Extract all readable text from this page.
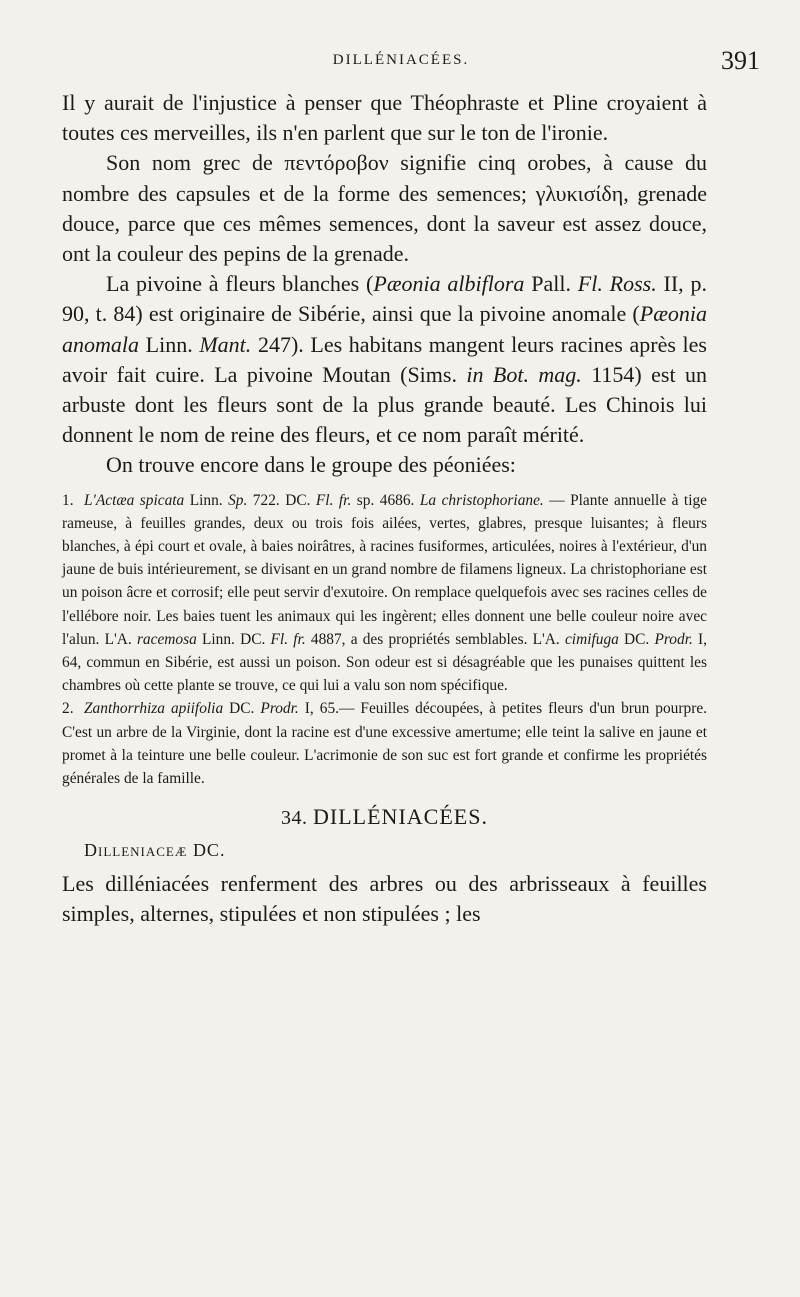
DILLÉNIACÉES.	391

Il y aurait de l'injustice à penser que Théophraste et Pline croyaient à toutes ces merveilles, ils n'en parlent que sur le ton de l'ironie.

Son nom grec de πεντόροβον signifie cinq orobes, à cause du nombre des capsules et de la forme des semences; γλυκισίδη, grenade douce, parce que ces mêmes semences, dont la saveur est assez douce, ont la couleur des pepins de la grenade.

La pivoine à fleurs blanches (Pæonia albiflora Pall. Fl. Ross. II, p. 90, t. 84) est originaire de Sibérie, ainsi que la pivoine anomale (Pæonia anomala Linn. Mant. 247). Les habitans mangent leurs racines après les avoir fait cuire. La pivoine Moutan (Sims. in Bot. mag. 1154) est un arbuste dont les fleurs sont de la plus grande beauté. Les Chinois lui donnent le nom de reine des fleurs, et ce nom paraît mérité.

On trouve encore dans le groupe des péoniées:

1. L'Actæa spicata Linn. Sp. 722. DC. Fl. fr. sp. 4686. La christophoriane. — Plante annuelle à tige rameuse, à feuilles grandes, deux ou trois fois ailées, vertes, glabres, presque luisantes; à fleurs blanches, à épi court et ovale, à baies noirâtres, à racines fusiformes, articulées, noires à l'extérieur, d'un jaune de buis intérieurement, se divisant en un grand nombre de filamens ligneux. La christophoriane est un poison âcre et corrosif; elle peut servir d'exutoire. On remplace quelquefois avec ses racines celles de l'ellébore noir. Les baies tuent les animaux qui les ingèrent; elles donnent une belle couleur noire avec l'alun. L'A. racemosa Linn. DC. Fl. fr. 4887, a des propriétés semblables. L'A. cimifuga DC. Prodr. I, 64, commun en Sibérie, est aussi un poison. Son odeur est si désagréable que les punaises quittent les chambres où cette plante se trouve, ce qui lui a valu son nom spécifique.

2. Zanthorrhiza apiifolia DC. Prodr. I, 65.— Feuilles découpées, à petites fleurs d'un brun pourpre. C'est un arbre de la Virginie, dont la racine est d'une excessive amertume; elle teint la salive en jaune et promet à la teinture une belle couleur. L'acrimonie de son suc est fort grande et confirme les propriétés générales de la famille.

34. DILLÉNIACÉES.
Dilleniaceæ DC.

Les dilléniacées renferment des arbres ou des arbrisseaux à feuilles simples, alternes, stipulées et non stipulées ; les
